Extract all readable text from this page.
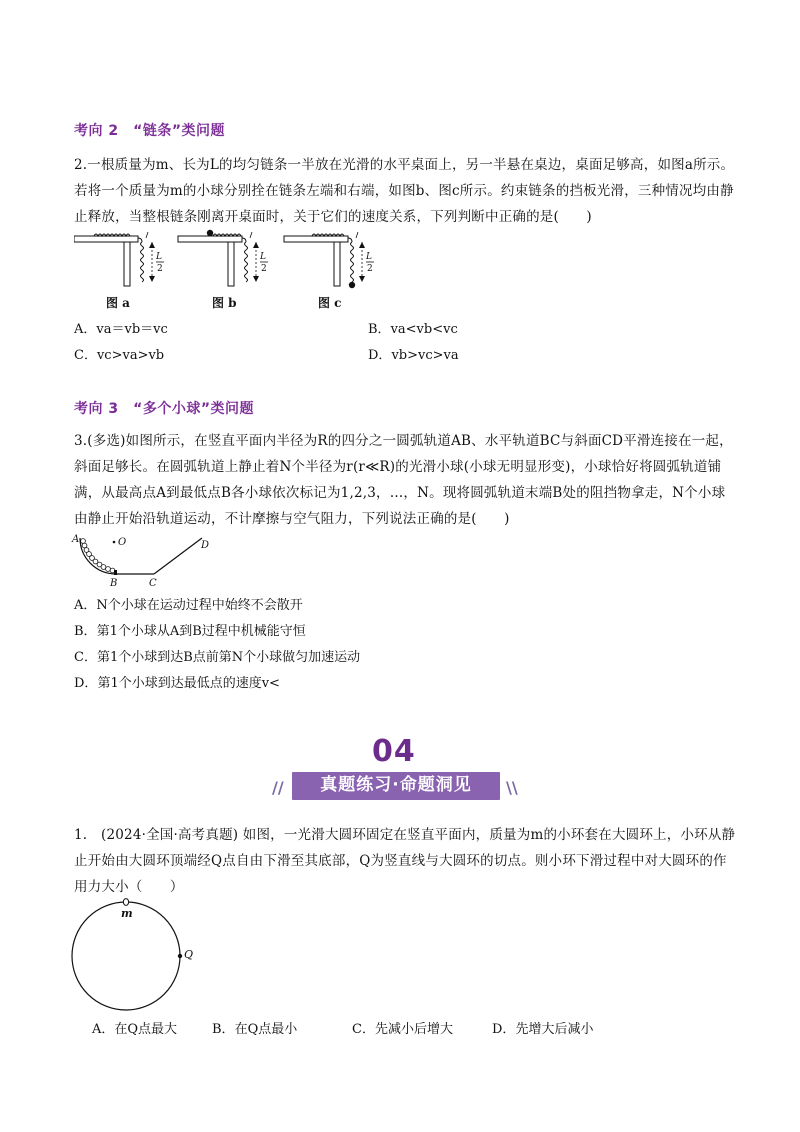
考向 2　“链条”类问题
2.一根质量为m、长为L的均匀链条一半放在光滑的水平桌面上，另一半悬在桌边，桌面足够高，如图a所示。若将一个质量为m的小球分别拴在链条左端和右端，如图b、图c所示。约束链条的挡板光滑，三种情况均由静止释放，当整根链条刚离开桌面时，关于它们的速度关系，下列判断中正确的是(　　)
L
2
L
2
L
2
图 a	图 b	图 c
A．va＝vb＝vc	B．va<vb<vc
C．vc>va>vb	D．vb>vc>va
考向 3　“多个小球”类问题
3.(多选)如图所示，在竖直平面内半径为R的四分之一圆弧轨道AB、水平轨道BC与斜面CD平滑连接在一起，斜面足够长。在圆弧轨道上静止着N个半径为r(r≪R)的光滑小球(小球无明显形变)，小球恰好将圆弧轨道铺满，从最高点A到最低点B各小球依次标记为1,2,3，…，N。现将圆弧轨道末端B处的阻挡物拿走，N个小球由静止开始沿轨道运动，不计摩擦与空气阻力，下列说法正确的是(　　)
A	O
B	C
D
A．N个小球在运动过程中始终不会散开
B．第1个小球从A到B过程中机械能守恒
C．第1个小球到达B点前第N个小球做匀加速运动
D．第1个小球到达最低点的速度v<
04
//	真题练习·命题洞见	\\
1.　(2024·全国·高考真题) 如图，一光滑大圆环固定在竖直平面内，质量为m的小环套在大圆环上，小环从静止开始由大圆环顶端经Q点自由下滑至其底部，Q为竖直线与大圆环的切点。则小环下滑过程中对大圆环的作用力大小（　　）
m
Q
A．在Q点最大	B．在Q点最小	C．先减小后增大	D．先增大后减小
